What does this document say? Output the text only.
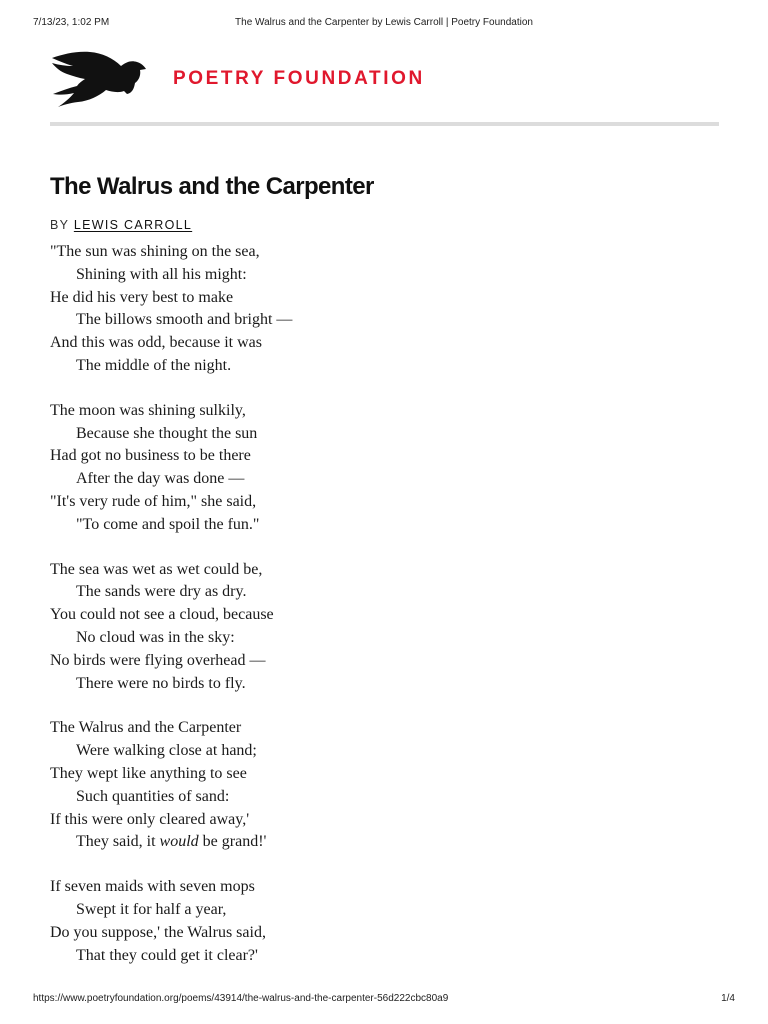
7/13/23, 1:02 PM	The Walrus and the Carpenter by Lewis Carroll | Poetry Foundation
POETRY FOUNDATION
The Walrus and the Carpenter
BY LEWIS CARROLL
"The sun was shining on the sea,
Shining with all his might:
He did his very best to make
The billows smooth and bright —
And this was odd, because it was
The middle of the night.
The moon was shining sulkily,
Because she thought the sun
Had got no business to be there
After the day was done —
"It's very rude of him," she said,
"To come and spoil the fun."
The sea was wet as wet could be,
The sands were dry as dry.
You could not see a cloud, because
No cloud was in the sky:
No birds were flying overhead —
There were no birds to fly.
The Walrus and the Carpenter
Were walking close at hand;
They wept like anything to see
Such quantities of sand:
If this were only cleared away,'
They said, it would be grand!'
If seven maids with seven mops
Swept it for half a year,
Do you suppose,' the Walrus said,
That they could get it clear?'
https://www.poetryfoundation.org/poems/43914/the-walrus-and-the-carpenter-56d222cbc80a9	1/4
